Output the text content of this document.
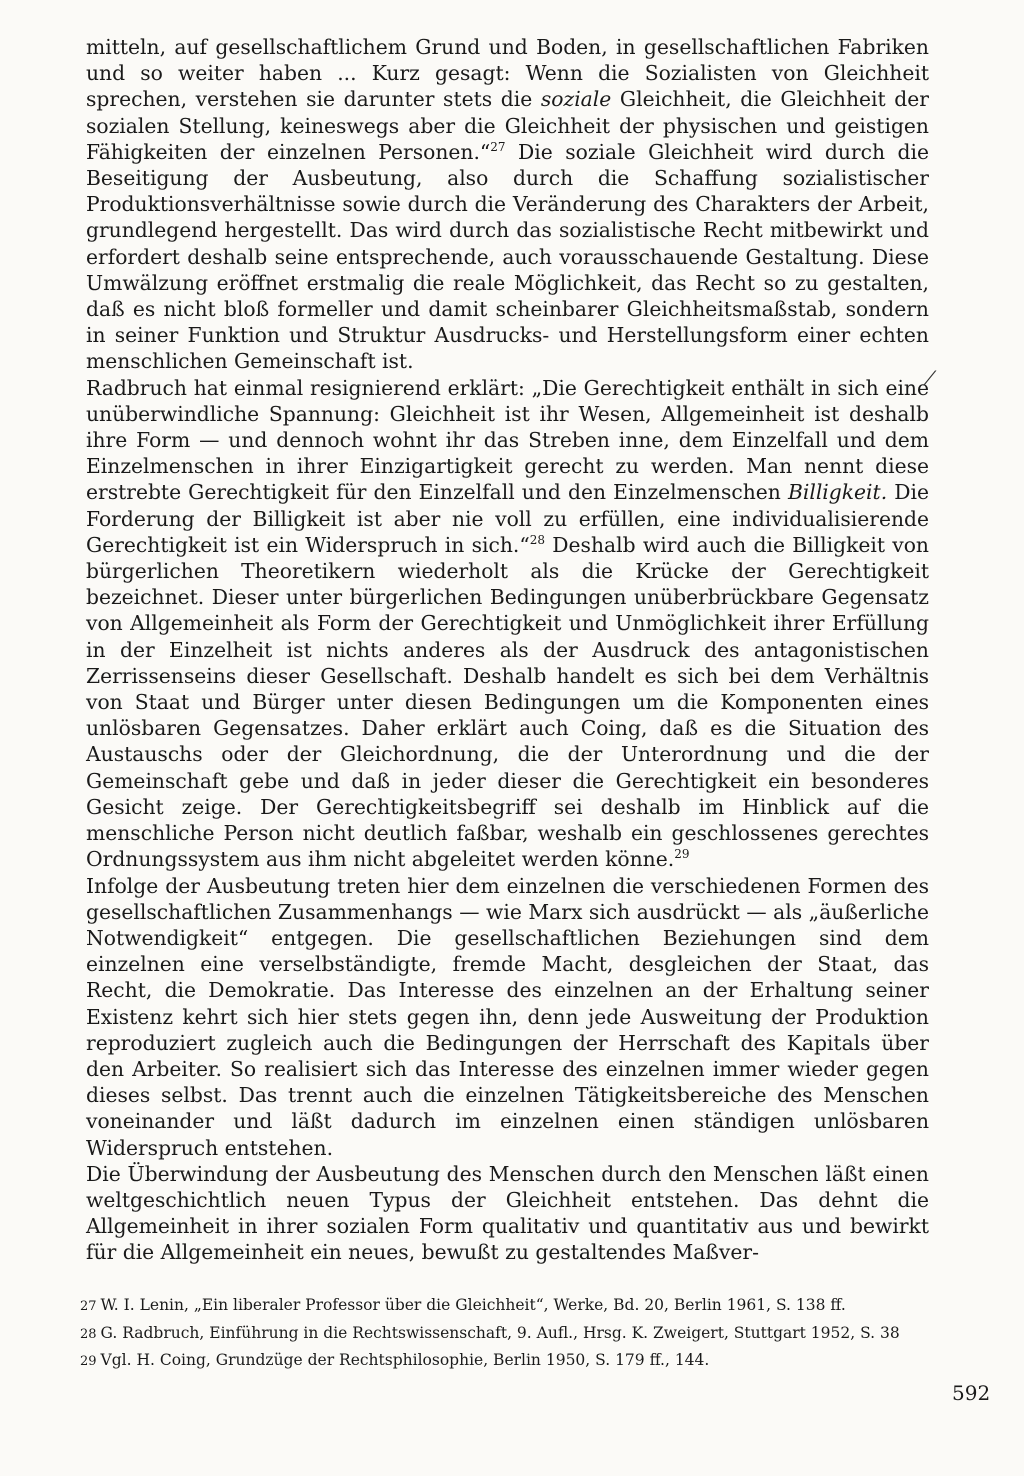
mitteln, auf gesellschaftlichem Grund und Boden, in gesellschaftlichen Fabriken und so weiter haben ... Kurz gesagt: Wenn die Sozialisten von Gleichheit sprechen, verstehen sie darunter stets die soziale Gleichheit, die Gleichheit der sozialen Stellung, keineswegs aber die Gleichheit der physischen und geistigen Fähigkeiten der einzelnen Personen.“$^{27}$ Die soziale Gleichheit wird durch die Beseitigung der Ausbeutung, also durch die Schaffung sozialistischer Produktionsverhältnisse sowie durch die Veränderung des Charakters der Arbeit, grundlegend hergestellt. Das wird durch das sozialistische Recht mitbewirkt und erfordert deshalb seine entsprechende, auch vorausschauende Gestaltung. Diese Umwälzung eröffnet erstmalig die reale Möglichkeit, das Recht so zu gestalten, daß es nicht bloß formeller und damit scheinbarer Gleichheitsmaßstab, sondern in seiner Funktion und Struktur Ausdrucks- und Herstellungsform einer echten menschlichen Gemeinschaft ist.

Radbruch hat einmal resignierend erklärt: „Die Gerechtigkeit enthält in sich eine unüberwindliche Spannung: Gleichheit ist ihr Wesen, Allgemeinheit ist deshalb ihre Form — und dennoch wohnt ihr das Streben inne, dem Einzelfall und dem Einzelmenschen in ihrer Einzigartigkeit gerecht zu werden. Man nennt diese erstrebte Gerechtigkeit für den Einzelfall und den Einzelmenschen Billigkeit. Die Forderung der Billigkeit ist aber nie voll zu erfüllen, eine individualisierende Gerechtigkeit ist ein Widerspruch in sich.“$^{28}$ Deshalb wird auch die Billigkeit von bürgerlichen Theoretikern wiederholt als die Krücke der Gerechtigkeit bezeichnet. Dieser unter bürgerlichen Bedingungen unüberbrückbare Gegensatz von Allgemeinheit als Form der Gerechtigkeit und Unmöglichkeit ihrer Erfüllung in der Einzelheit ist nichts anderes als der Ausdruck des antagonistischen Zerrissenseins dieser Gesellschaft. Deshalb handelt es sich bei dem Verhältnis von Staat und Bürger unter diesen Bedingungen um die Komponenten eines unlösbaren Gegensatzes. Daher erklärt auch Coing, daß es die Situation des Austauschs oder der Gleichordnung, die der Unterordnung und die der Gemeinschaft gebe und daß in jeder dieser die Gerechtigkeit ein besonderes Gesicht zeige. Der Gerechtigkeitsbegriff sei deshalb im Hinblick auf die menschliche Person nicht deutlich faßbar, weshalb ein geschlossenes gerechtes Ordnungssystem aus ihm nicht abgeleitet werden könne.$^{29}$

Infolge der Ausbeutung treten hier dem einzelnen die verschiedenen Formen des gesellschaftlichen Zusammenhangs — wie Marx sich ausdrückt — als „äußerliche Notwendigkeit“ entgegen. Die gesellschaftlichen Beziehungen sind dem einzelnen eine verselbständigte, fremde Macht, desgleichen der Staat, das Recht, die Demokratie. Das Interesse des einzelnen an der Erhaltung seiner Existenz kehrt sich hier stets gegen ihn, denn jede Ausweitung der Produktion reproduziert zugleich auch die Bedingungen der Herrschaft des Kapitals über den Arbeiter. So realisiert sich das Interesse des einzelnen immer wieder gegen dieses selbst. Das trennt auch die einzelnen Tätigkeitsbereiche des Menschen voneinander und läßt dadurch im einzelnen einen ständigen unlösbaren Widerspruch entstehen.

Die Überwindung der Ausbeutung des Menschen durch den Menschen läßt einen weltgeschichtlich neuen Typus der Gleichheit entstehen. Das dehnt die Allgemeinheit in ihrer sozialen Form qualitativ und quantitativ aus und bewirkt für die Allgemeinheit ein neues, bewußt zu gestaltendes Maßver-

⁄

27 W. I. Lenin, „Ein liberaler Professor über die Gleichheit“, Werke, Bd. 20, Berlin 1961, S. 138 ff.

28 G. Radbruch, Einführung in die Rechtswissenschaft, 9. Aufl., Hrsg. K. Zweigert, Stuttgart 1952, S. 38

29 Vgl. H. Coing, Grundzüge der Rechtsphilosophie, Berlin 1950, S. 179 ff., 144.

592
